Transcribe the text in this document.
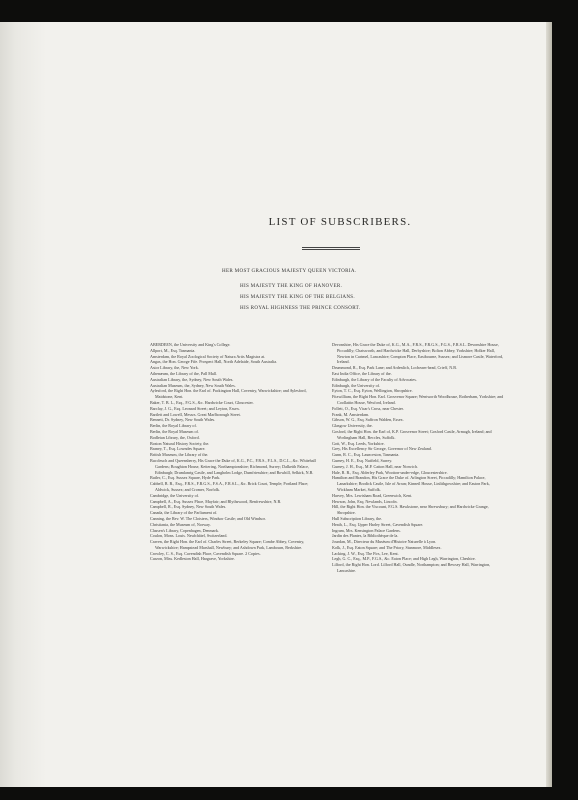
LIST OF SUBSCRIBERS.
HER MOST GRACIOUS MAJESTY QUEEN VICTORIA.
HIS MAJESTY THE KING OF HANOVER.
HIS MAJESTY THE KING OF THE BELGIANS.
HIS ROYAL HIGHNESS THE PRINCE CONSORT.
ABERDEEN, the University and King's College.
Allport, M., Esq. Tasmania.
Amsterdam, the Royal Zoological Society of Natura Artis Magistra at.
Angas, the Hon. George Fife. Prospect Hall, North Adelaide, South Australia.
Astor Library, the, New York.
Athenæum, the Library of the, Pall Mall.
Australian Library, the, Sydney, New South Wales.
Australian Museum, the, Sydney, New South Wales.
Aylesford, the Right Hon. the Earl of. Packington Hall, Coventry, Warwickshire; and Aylesford, Maidstone, Kent.
Baker, T. B. L., Esq., F.G.S., &c. Hardwicke Court, Gloucester.
Barclay, J. G., Esq. Leonard Street; and Leyton, Essex.
Bartlett and Lowell, Messrs. Great Marlborough Street.
Bennett, Dr. Sydney, New South Wales.
Berlin, the Royal Library of.
Berlin, the Royal Museum of.
Bodleian Library, the, Oxford.
Boston Natural History Society, the.
Braney, T., Esq. Lowndes Square.
British Museum, the Library of the.
Buccleuch and Queensberry, His Grace the Duke of, K.G., P.C., F.R.S., F.L.S., D.C.L., &c. Whitehall Gardens; Boughton House, Kettering, Northamptonshire; Richmond, Surrey; Dalkeith Palace, Edinburgh; Drumlanrig Castle, and Langholm Lodge, Dumfriesshire; and Bowhill, Selkirk, N.B.
Butler, C., Esq. Sussex Square, Hyde Park.
Cabbell, B. B., Esq., F.R.S., F.R.G.S., F.S.A., F.R.S.L., &c. Brick Court, Temple; Portland Place; Aldwick, Sussex; and Cromer, Norfolk.
Cambridge, the University of.
Campbell, A., Esq. Sussex Place, Mayfair; and Blythswood, Renfrewshire, N.B.
Campbell, R., Esq. Sydney, New South Wales.
Canada, the Library of the Parliament of.
Canning, the Rev. W. The Cloisters, Windsor Castle; and Old Windsor.
Christiania, the Museum of, Norway.
Classen's Library, Copenhagen, Denmark.
Coulon, Mons. Louis. Neufchâtel, Switzerland.
Craven, the Right Hon. the Earl of. Charles Street, Berkeley Square; Combe Abbey, Coventry, Warwickshire; Hampstead Marshall, Newbury; and Ashdown Park, Lambourn, Berkshire.
Crowley, C. S., Esq. Cavendish Place, Cavendish Square. 2 Copies.
Curzon, Miss. Kedleston Hall, Hargrave, Yorkshire.
Devonshire, His Grace the Duke of, K.G., M.A., F.R.S., F.R.G.S., F.G.S., F.R.S.L. Devonshire House, Piccadilly; Chatsworth, and Hardwicke Hall, Derbyshire; Bolton Abbey, Yorkshire; Holker Hall, Newton in Cartmel, Lancashire; Compton Place, Eastbourne, Sussex; and Lismore Castle, Waterford, Ireland.
Drummond, R., Esq. Park Lane; and Ardenlich, Lochearn-head, Crieff, N.B.
East India Office, the Library of the.
Edinburgh, the Library of the Faculty of Advocates.
Edinburgh, the University of.
Eyton, T. C., Esq. Eyton, Wellington, Shropshire.
Fitzwilliam, the Right Hon. Earl. Grosvenor Square; Wentworth Woodhouse, Rotherham, Yorkshire; and Coollattin House, Wexford, Ireland.
Follett, O., Esq. Vicar's Cross, near Chester.
Frank, M. Amsterdam.
Gibson, W. G., Esq. Saffron Walden, Essex.
Glasgow University, the.
Gosford, the Right Hon. the Earl of, K.P. Grosvenor Street; Gosford Castle, Armagh, Ireland; and Worlingham Hall, Beccles, Suffolk.
Gott, W., Esq. Leeds, Yorkshire.
Grey, His Excellency Sir George, Governor of New Zealand.
Gunn, R. C., Esq. Launceston, Tasmania.
Gurney, H. E., Esq. Nutfield, Surrey.
Gurney, J. H., Esq., M.P. Catton Hall, near Norwich.
Hale, R. B., Esq. Alderley Park, Wootton-under-edge, Gloucestershire.
Hamilton and Brandon, His Grace the Duke of. Arlington Street, Piccadilly; Hamilton Palace, Lanarkshire; Brodick Castle, Isle of Arran; Kinneil House, Linlithgowshire; and Easton Park, Wickham Market, Suffolk.
Harvey, Mrs. Lewisham Road, Greenwich, Kent.
Hewson, John, Esq. Newlands, Lincoln.
Hill, the Right Hon. the Viscount, F.G.S. Hawkstone, near Shrewsbury; and Hardwicke Grange, Shropshire.
Hull Subscription Library, the.
Heath, L., Esq. Upper Harley Street, Cavendish Square.
Ingram, Mrs. Kensington Palace Gardens.
Jardin des Plantes, la Bibliothèque de la.
Jourdan, M., Directeur du Muséum d'Histoire Naturelle à Lyon.
Kolk, J., Esq. Eaton Square; and The Priory, Stanmore, Middlesex.
Lacking, J. W., Esq. The Firs, Lee, Kent.
Legh, G. C., Esq., M.P., F.G.S., &c. Eaton Place; and High Legh, Warrington, Cheshire.
Lilford, the Right Hon. Lord. Lilford Hall, Oundle, Northampton; and Bewsey Hall, Warrington, Lancashire.
